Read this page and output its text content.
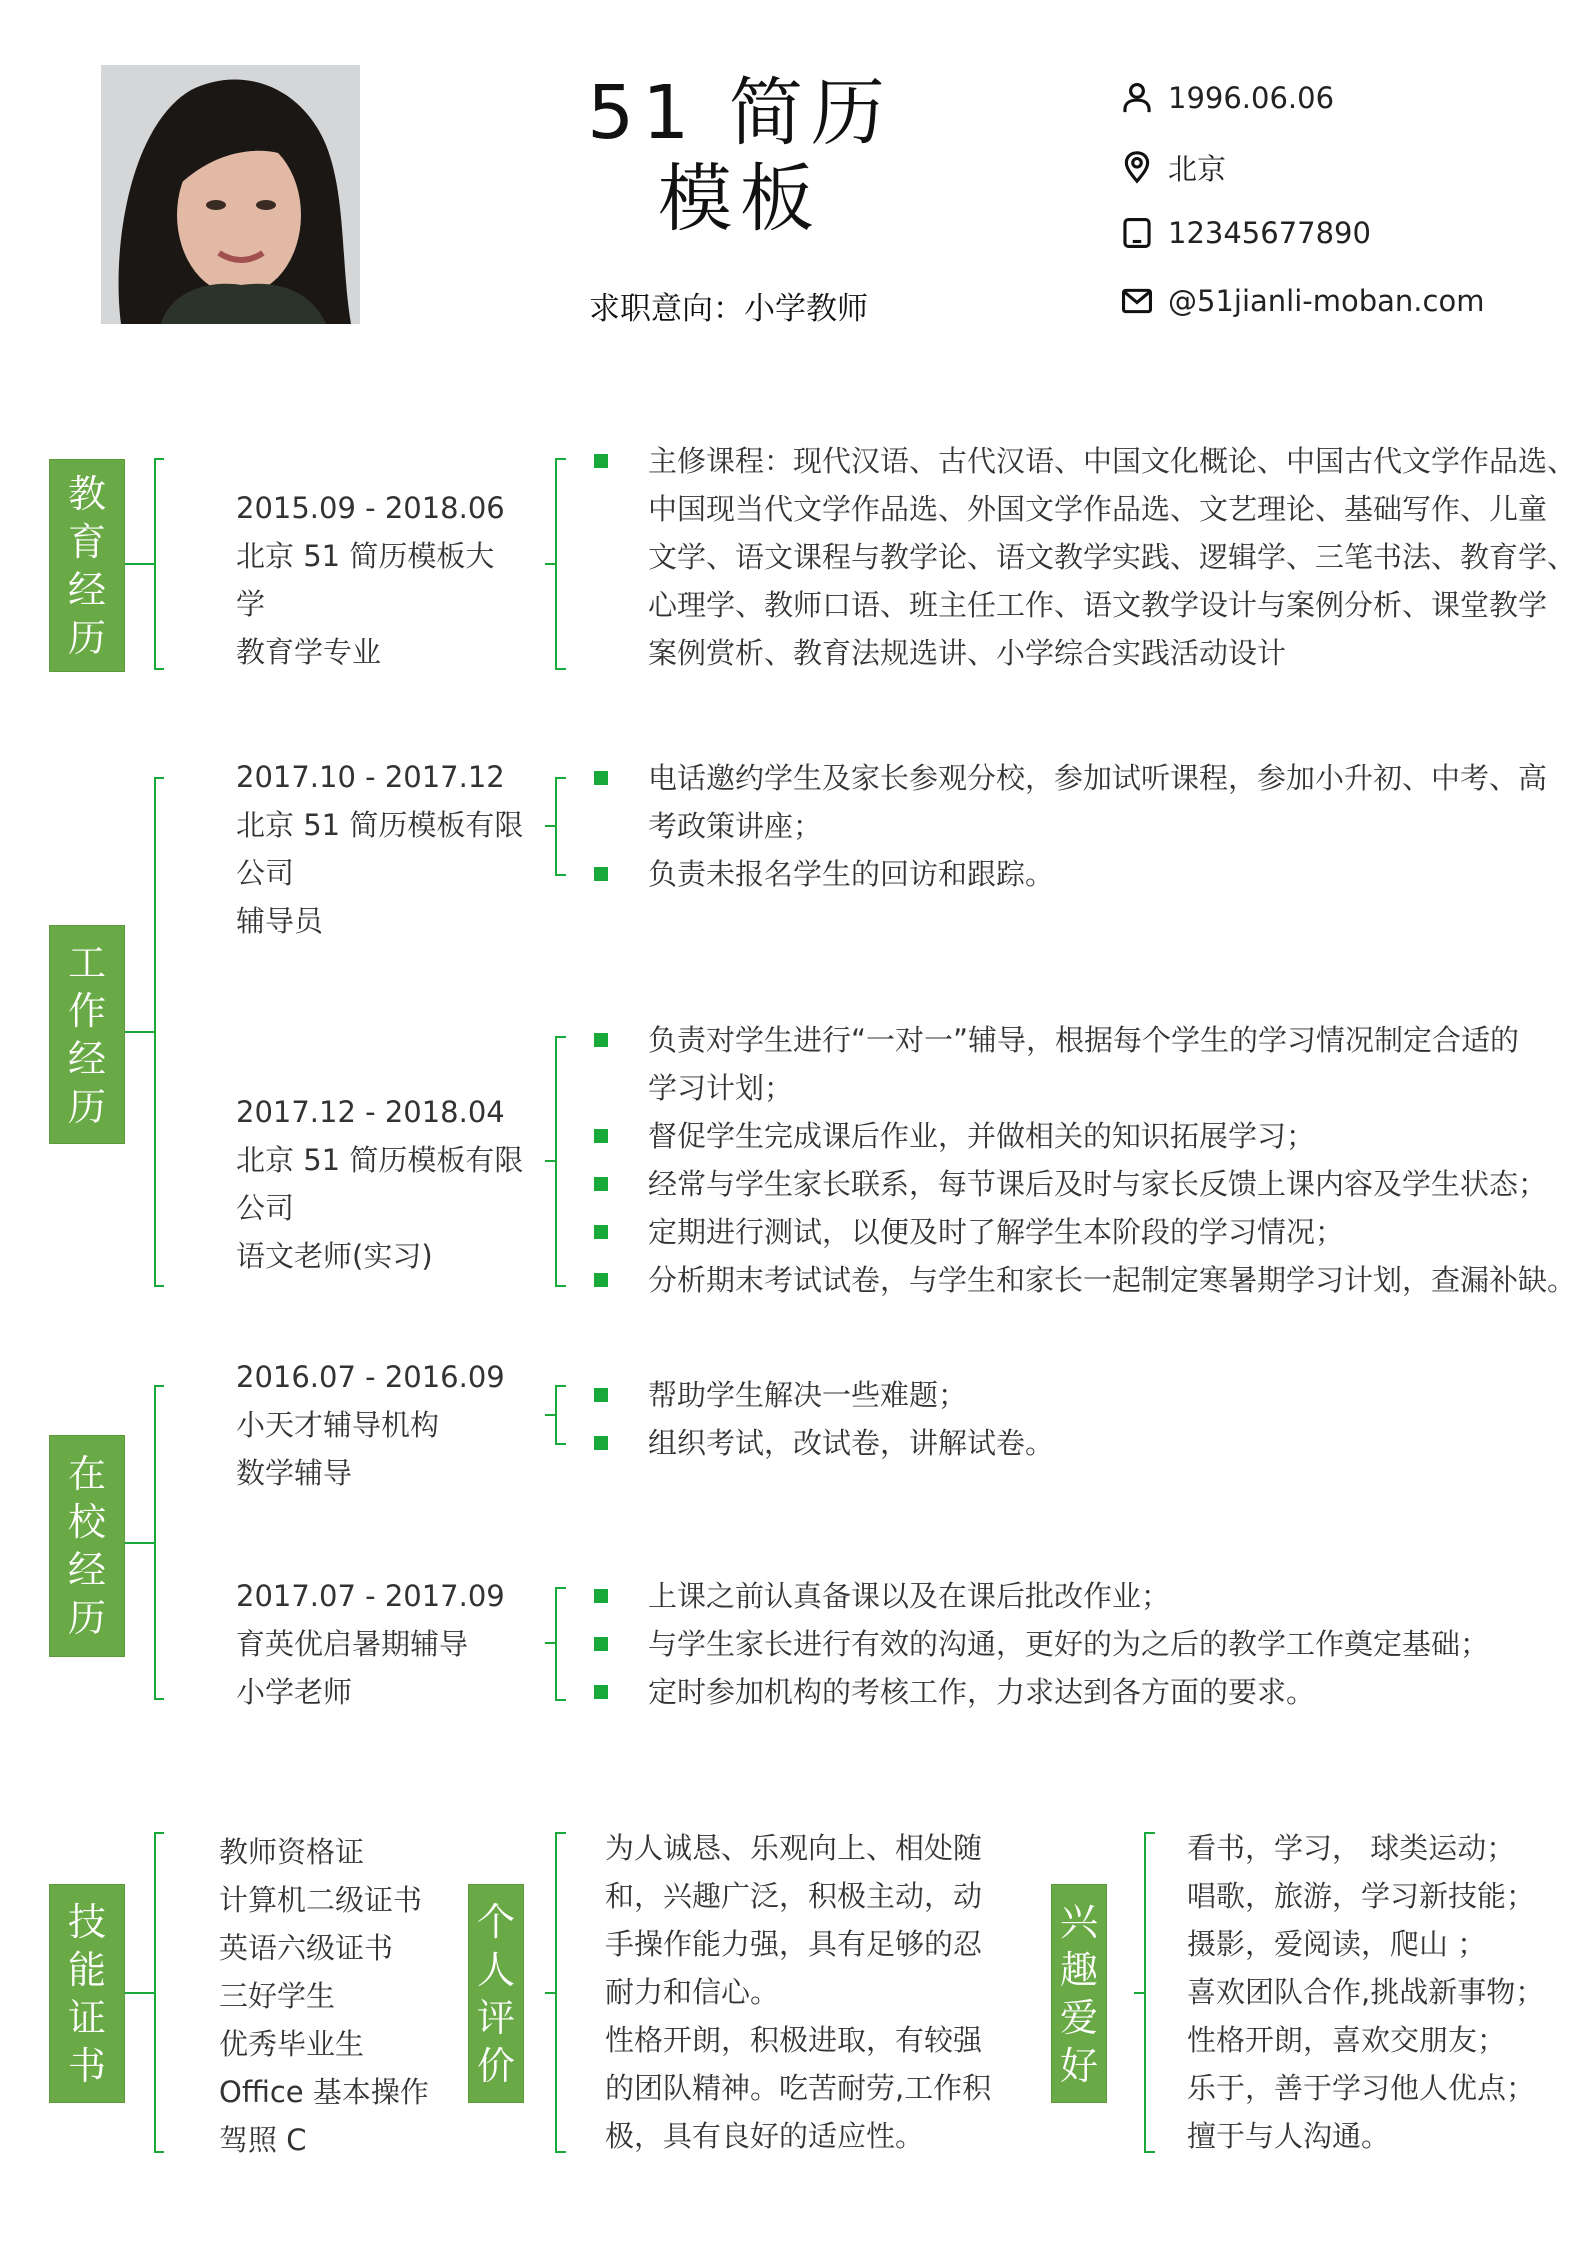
51 简历
模板
求职意向：小学教师
1996.06.06
北京
12345677890
@51jianli-moban.com
教
育
经
历
2015.09 - 2018.06
北京 51 简历模板大
学
教育学专业
主修课程：现代汉语、古代汉语、中国文化概论、中国古代文学作品选、
中国现当代文学作品选、外国文学作品选、文艺理论、基础写作、儿童
文学、语文课程与教学论、语文教学实践、逻辑学、三笔书法、教育学、
心理学、教师口语、班主任工作、语文教学设计与案例分析、课堂教学
案例赏析、教育法规选讲、小学综合实践活动设计
工
作
经
历
2017.10 - 2017.12
北京 51 简历模板有限
公司
辅导员
电话邀约学生及家长参观分校，参加试听课程，参加小升初、中考、高
考政策讲座；
负责未报名学生的回访和跟踪。
2017.12 - 2018.04
北京 51 简历模板有限
公司
语文老师(实习)
负责对学生进行“一对一”辅导，根据每个学生的学习情况制定合适的
学习计划；
督促学生完成课后作业，并做相关的知识拓展学习；
经常与学生家长联系，每节课后及时与家长反馈上课内容及学生状态；
定期进行测试，以便及时了解学生本阶段的学习情况；
分析期末考试试卷，与学生和家长一起制定寒暑期学习计划，查漏补缺。
在
校
经
历
2016.07 - 2016.09
小天才辅导机构
数学辅导
帮助学生解决一些难题；
组织考试，改试卷，讲解试卷。
2017.07 - 2017.09
育英优启暑期辅导
小学老师
上课之前认真备课以及在课后批改作业；
与学生家长进行有效的沟通，更好的为之后的教学工作奠定基础；
定时参加机构的考核工作，力求达到各方面的要求。
技
能
证
书
教师资格证
计算机二级证书
英语六级证书
三好学生
优秀毕业生
Office 基本操作
驾照 C
个
人
评
价
为人诚恳、乐观向上、相处随
和，兴趣广泛，积极主动，动
手操作能力强，具有足够的忍
耐力和信心。
性格开朗，积极进取，有较强
的团队精神。吃苦耐劳,工作积
极，具有良好的适应性。
兴
趣
爱
好
看书，学习， 球类运动；
唱歌，旅游，学习新技能；
摄影，爱阅读，爬山 ；
喜欢团队合作,挑战新事物；
性格开朗，喜欢交朋友；
乐于，善于学习他人优点；
擅于与人沟通。
